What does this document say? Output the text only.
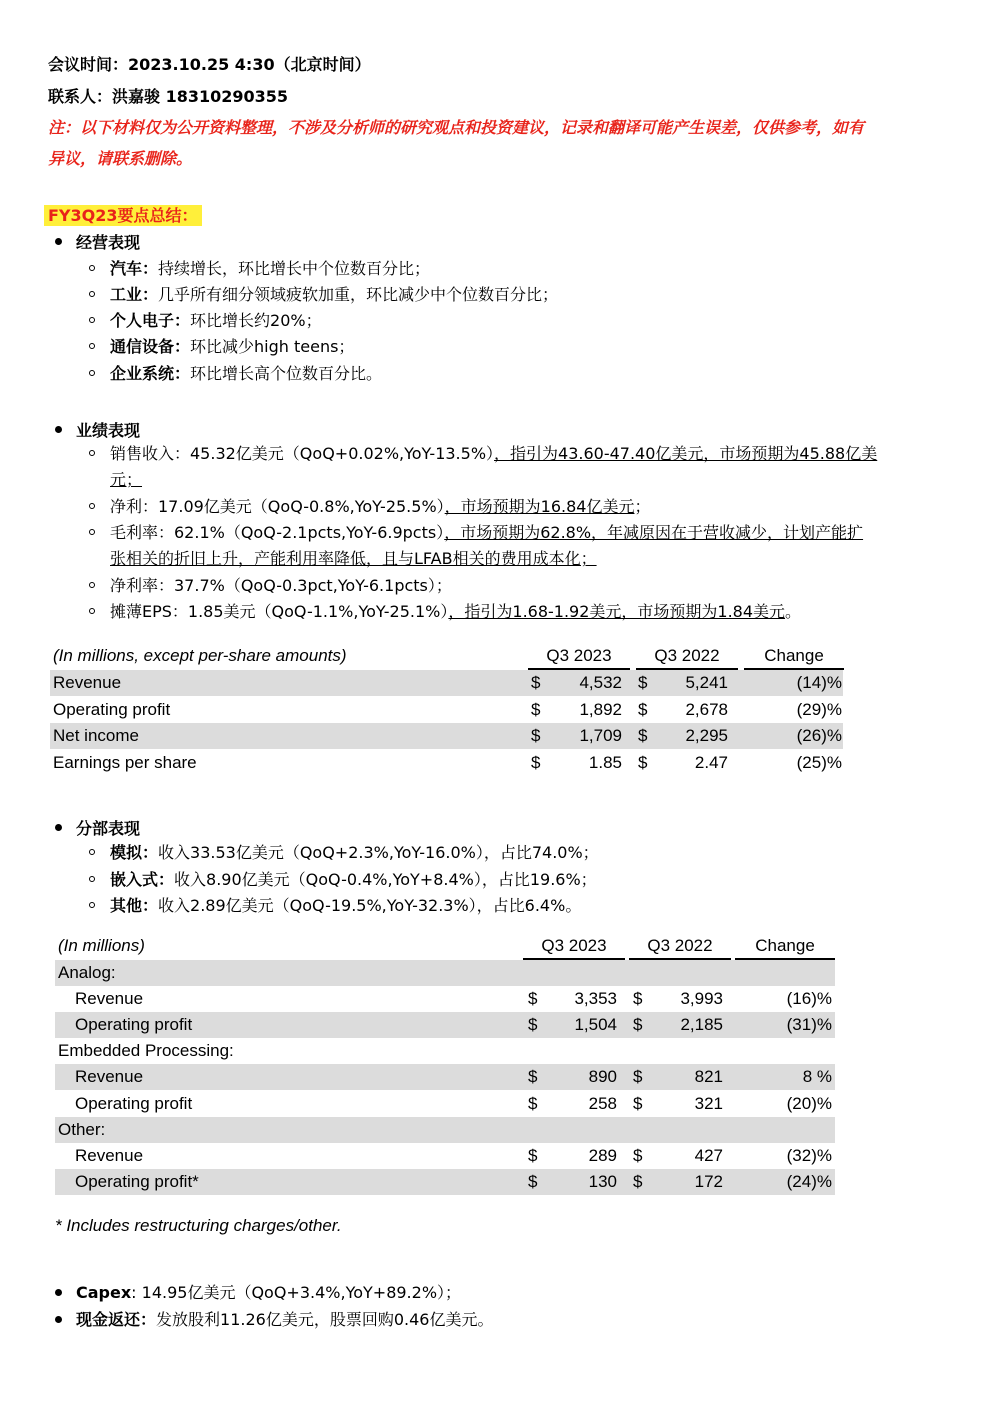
会议时间：2023.10.25 4:30（北京时间）
联系人：洪嘉骏 18310290355
注：以下材料仅为公开资料整理，不涉及分析师的研究观点和投资建议，记录和翻译可能产生误差，仅供参考，如有
异议，请联系删除。
FY3Q23要点总结：
经营表现
汽车：持续增长，环比增长中个位数百分比；
工业：几乎所有细分领域疲软加重，环比减少中个位数百分比；
个人电子：环比增长约20%；
通信设备：环比减少high teens；
企业系统：环比增长高个位数百分比。
业绩表现
销售收入：45.32亿美元（QoQ+0.02%,YoY-13.5%），指引为43.60-47.40亿美元，市场预期为45.88亿美
元；
净利：17.09亿美元（QoQ-0.8%,YoY-25.5%），市场预期为16.84亿美元；
毛利率：62.1%（QoQ-2.1pcts,YoY-6.9pcts），市场预期为62.8%，年减原因在于营收减少，计划产能扩
张相关的折旧上升，产能利用率降低，且与LFAB相关的费用成本化；
净利率：37.7%（QoQ-0.3pct,YoY-6.1pcts）；
摊薄EPS：1.85美元（QoQ-1.1%,YoY-25.1%），指引为1.68-1.92美元，市场预期为1.84美元。
(In millions, except per-share amounts)	Q3 2023	Q3 2022	Change
Revenue	$	4,532 $	5,241	(14)%
Operating profit	$	1,892 $	2,678	(29)%
Net income	$	1,709 $	2,295	(26)%
Earnings per share	$	1.85 $	2.47	(25)%
分部表现
模拟：收入33.53亿美元（QoQ+2.3%,YoY-16.0%），占比74.0%；
嵌入式：收入8.90亿美元（QoQ-0.4%,YoY+8.4%），占比19.6%；
其他：收入2.89亿美元（QoQ-19.5%,YoY-32.3%），占比6.4%。
(In millions)	Q3 2023	Q3 2022	Change
Analog:
Revenue	$	3,353 $	3,993	(16)%
Operating profit	$	1,504 $	2,185	(31)%
Embedded Processing:
Revenue	$	890 $	821	8 %
Operating profit	$	258 $	321	(20)%
Other:
Revenue	$	289 $	427	(32)%
Operating profit*	$	130 $	172	(24)%
* Includes restructuring charges/other.
Capex: 14.95亿美元（QoQ+3.4%,YoY+89.2%）；
现金返还：发放股利11.26亿美元，股票回购0.46亿美元。
